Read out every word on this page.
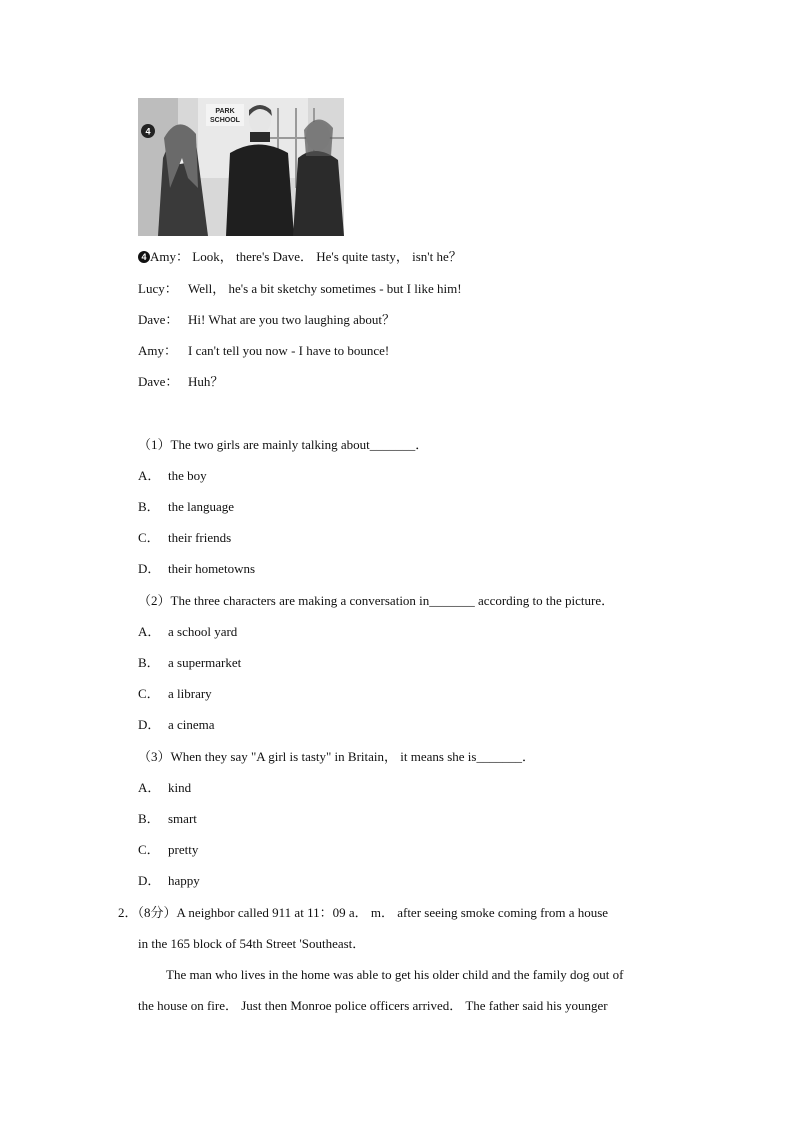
PARK
SCHOOL
4
4 Amy： Look， there's Dave． He's quite tasty， isn't he？
Lucy： Well， he's a bit sketchy sometimes - but I like him!
Dave： Hi! What are you two laughing about？
Amy： I can't tell you now - I have to bounce!
Dave： Huh？
（1）The two girls are mainly talking about_______．
A． the boy
B． the language
C． their friends
D． their hometowns
（2）The three characters are making a conversation in_______ according to the picture．
A． a school yard
B． a supermarket
C． a library
D． a cinema
（3）When they say "A girl is tasty" in Britain， it means she is_______．
A． kind
B． smart
C． pretty
D． happy
2．（8分）A neighbor called 911 at 11：09 a． m． after seeing smoke coming from a house
in the 165 block of 54th Street 'Southeast．
The man who lives in the home was able to get his older child and the family dog out of
the house on fire． Just then Monroe police officers arrived． The father said his younger
